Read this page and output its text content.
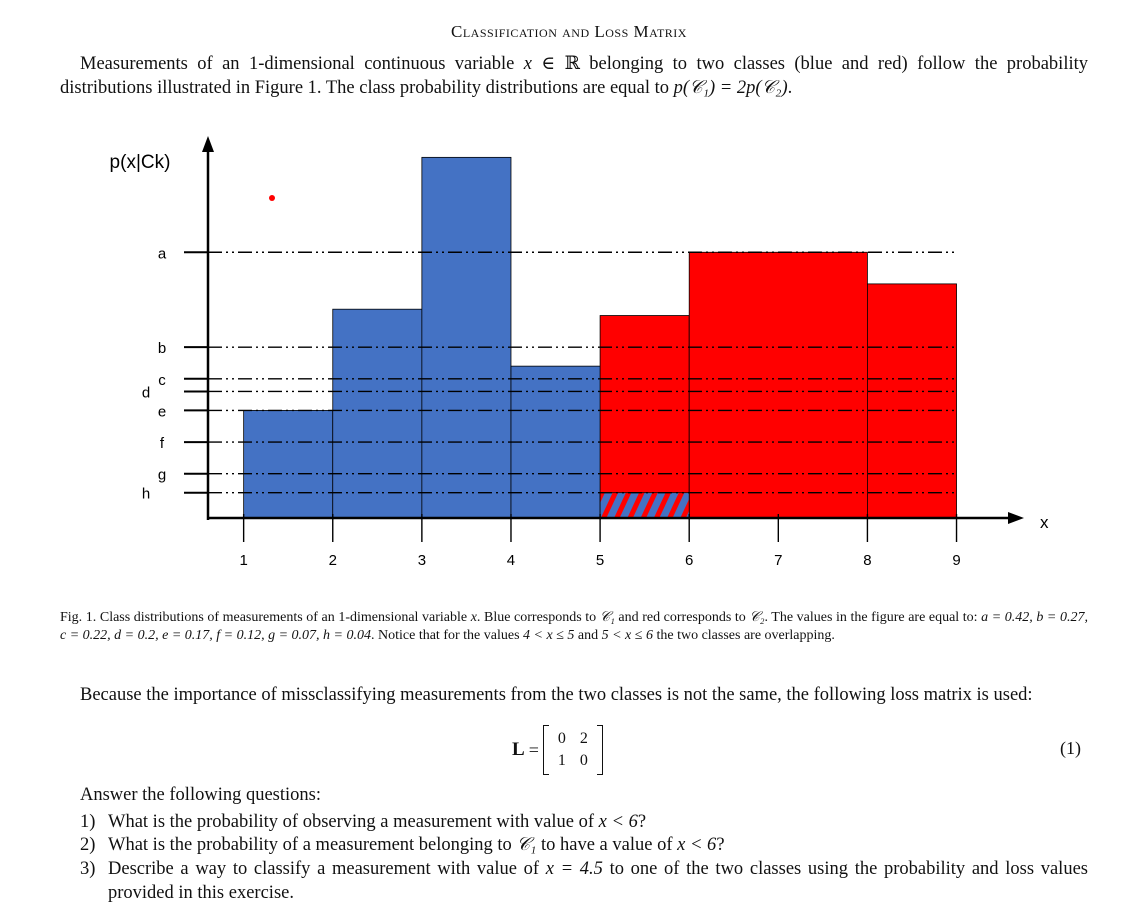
Classification and Loss Matrix
Measurements of an 1-dimensional continuous variable x ∈ ℝ belonging to two classes (blue and red) follow the probability distributions illustrated in Figure 1. The class probability distributions are equal to p(𝒞₁) = 2p(𝒞₂).
a
b
c
d
e
f
g
h
1	2	3	4	5	6	7	8	9
p(x|Ck)
x
Fig. 1. Class distributions of measurements of an 1-dimensional variable x. Blue corresponds to 𝒞₁ and red corresponds to 𝒞₂. The values in the figure are equal to: a = 0.42, b = 0.27, c = 0.22, d = 0.2, e = 0.17, f = 0.12, g = 0.07, h = 0.04. Notice that for the values 4 < x ≤ 5 and 5 < x ≤ 6 the two classes are overlapping.
Because the importance of missclassifying measurements from the two classes is not the same, the following loss matrix is used:
L =
0 2
1 0
(1)
Answer the following questions:
1) What is the probability of observing a measurement with value of x < 6?
2) What is the probability of a measurement belonging to 𝒞₁ to have a value of x < 6?
3) Describe a way to classify a measurement with value of x = 4.5 to one of the two classes using the probability and loss values provided in this exercise.
